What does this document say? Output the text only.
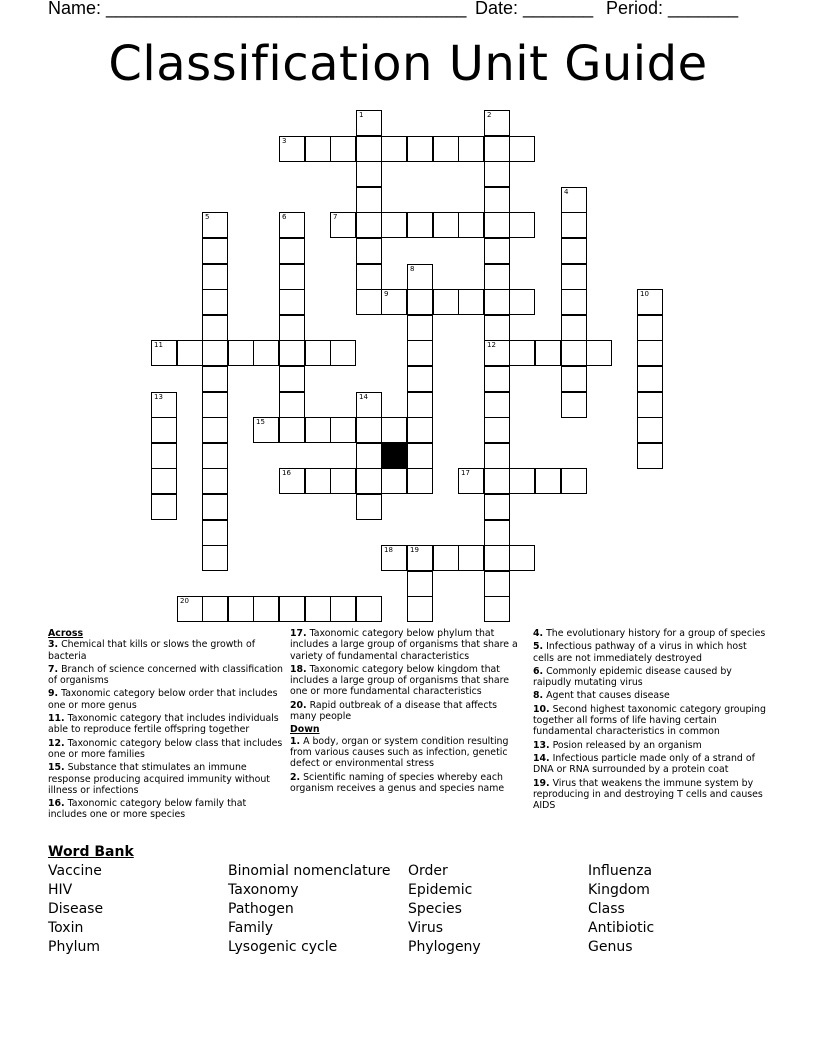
Name: ____________________________________ Date: _______ Period: _______
Classification Unit Guide
1	2
12
3
4
5	6	7
8
9	10
11
13	14
15
16	17
18 19
20
Across
3. Chemical that kills or slows the growth of bacteria
7. Branch of science concerned with classification of organisms
9. Taxonomic category below order that includes one or more genus
11. Taxonomic category that includes individuals able to reproduce fertile offspring together
12. Taxonomic category below class that includes one or more families
15. Substance that stimulates an immune response producing acquired immunity without illness or infections
16. Taxonomic category below family that includes one or more species
17. Taxonomic category below phylum that includes a large group of organisms that share a variety of fundamental characteristics
18. Taxonomic category below kingdom that includes a large group of organisms that share one or more fundamental characteristics
20. Rapid outbreak of a disease that affects many people
Down
1. A body, organ or system condition resulting from various causes such as infection, genetic defect or environmental stress
2. Scientific naming of species whereby each organism receives a genus and species name
4. The evolutionary history for a group of species
5. Infectious pathway of a virus in which host cells are not immediately destroyed
6. Commonly epidemic disease caused by raipudly mutating virus
8. Agent that causes disease
10. Second highest taxonomic category grouping together all forms of life having certain fundamental characteristics in common
13. Posion released by an organism
14. Infectious particle made only of a strand of DNA or RNA surrounded by a protein coat
19. Virus that weakens the immune system by reproducing in and destroying T cells and causes AIDS
Word Bank
Vaccine
HIV
Disease
Toxin
Phylum
Binomial nomenclature
Taxonomy
Pathogen
Family
Lysogenic cycle
Order
Epidemic
Species
Virus
Phylogeny
Influenza
Kingdom
Class
Antibiotic
Genus
